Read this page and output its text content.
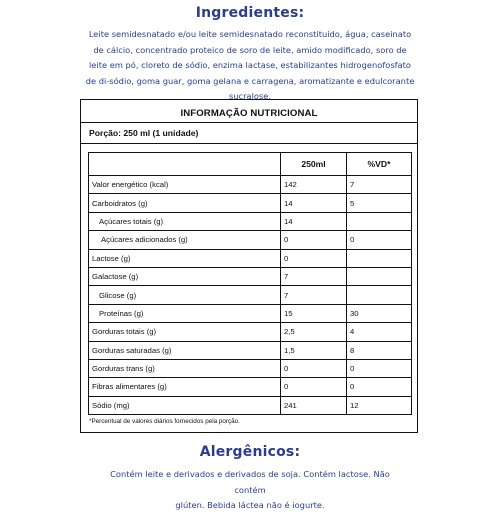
Ingredientes:
Leite semidesnatado e/ou leite semidesnatado reconstituído, água, caseinato
de cálcio, concentrado proteico de soro de leite, amido modificado, soro de
leite em pó, cloreto de sódio, enzima lactase, estabilizantes hidrogenofosfato
de di-sódio, goma guar, goma gelana e carragena, aromatizante e edulcorante
sucralose.
INFORMAÇÃO NUTRICIONAL
Porção: 250 ml (1 unidade)
	250ml	%VD*
Valor energético (kcal)	142	7
Carboidratos (g)	14	5
Açúcares totais (g)	14	
Açúcares adicionados (g)	0	0
Lactose (g)	0	
Galactose (g)	7	
Glicose (g)	7	
Proteínas (g)	15	30
Gorduras totais (g)	2,5	4
Gorduras saturadas (g)	1,5	8
Gorduras trans (g)	0	0
Fibras alimentares (g)	0	0
Sódio (mg)	241	12
*Percentual de valores diários fornecidos pela porção.
Alergênicos:
Contém leite e derivados e derivados de soja. Contém lactose. Não contém
glúten. Bebida láctea não é iogurte.
